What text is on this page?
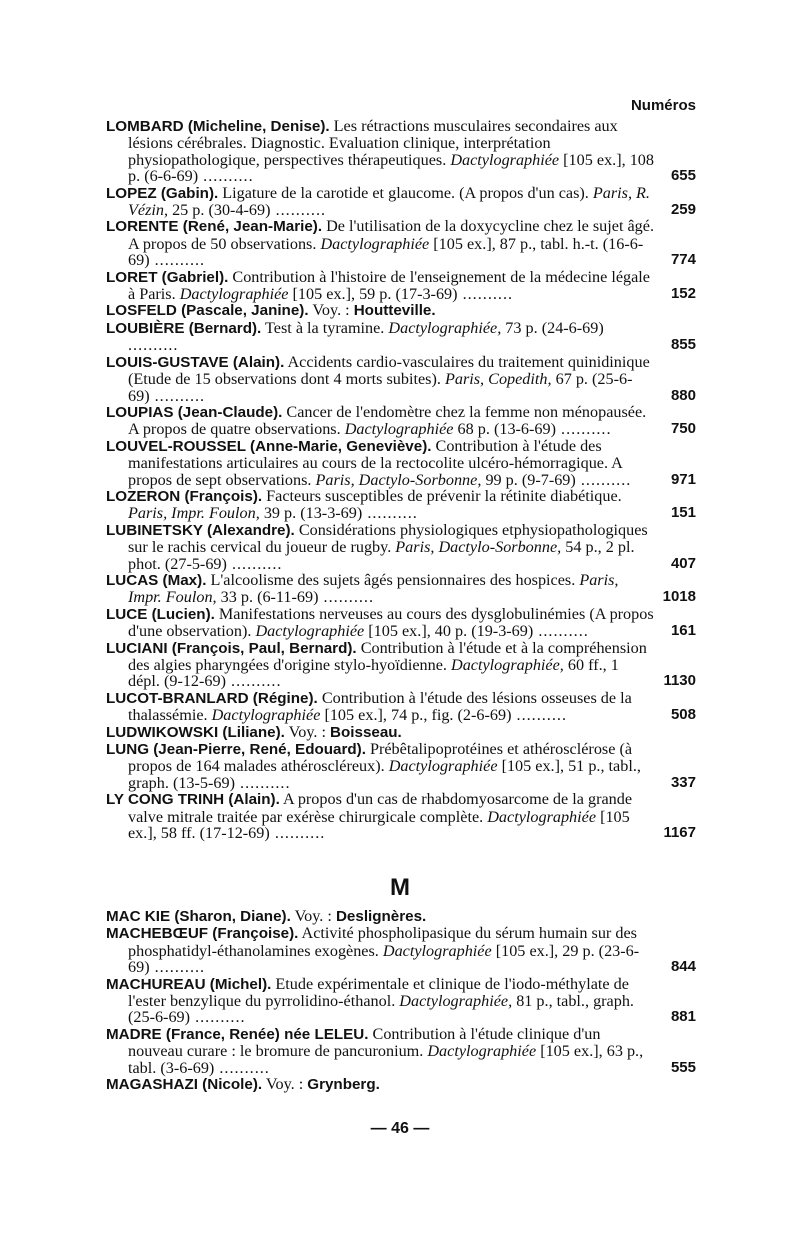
Numéros
LOMBARD (Micheline, Denise). Les rétractions musculaires secondaires aux lésions cérébrales. Diagnostic. Evaluation clinique, interprétation physiopathologique, perspectives thérapeutiques. Dactylographiée [105 ex.], 108 p. (6-6-69) ..........	655
LOPEZ (Gabin). Ligature de la carotide et glaucome. (A propos d'un cas). Paris, R. Vézin, 25 p. (30-4-69) ..........	259
LORENTE (René, Jean-Marie). De l'utilisation de la doxycycline chez le sujet âgé. A propos de 50 observations. Dactylographiée [105 ex.], 87 p., tabl. h.-t. (16-6-69) ..........	774
LORET (Gabriel). Contribution à l'histoire de l'enseignement de la médecine légale à Paris. Dactylographiée [105 ex.], 59 p. (17-3-69) ..........	152
LOSFELD (Pascale, Janine). Voy. : Houtteville.
LOUBIÈRE (Bernard). Test à la tyramine. Dactylographiée, 73 p. (24-6-69) ..........	855
LOUIS-GUSTAVE (Alain). Accidents cardio-vasculaires du traitement quinidinique (Etude de 15 observations dont 4 morts subites). Paris, Copedith, 67 p. (25-6-69) ..........	880
LOUPIAS (Jean-Claude). Cancer de l'endomètre chez la femme non ménopausée. A propos de quatre observations. Dactylographiée 68 p. (13-6-69) ..........	750
LOUVEL-ROUSSEL (Anne-Marie, Geneviève). Contribution à l'étude des manifestations articulaires au cours de la rectocolite ulcéro-hémorragique. A propos de sept observations. Paris, Dactylo-Sorbonne, 99 p. (9-7-69) ..........	971
LOZERON (François). Facteurs susceptibles de prévenir la rétinite diabétique. Paris, Impr. Foulon, 39 p. (13-3-69) ..........	151
LUBINETSKY (Alexandre). Considérations physiologiques etphysiopathologiques sur le rachis cervical du joueur de rugby. Paris, Dactylo-Sorbonne, 54 p., 2 pl. phot. (27-5-69) ..........	407
LUCAS (Max). L'alcoolisme des sujets âgés pensionnaires des hospices. Paris, Impr. Foulon, 33 p. (6-11-69) ..........	1018
LUCE (Lucien). Manifestations nerveuses au cours des dysglobulinémies (A propos d'une observation). Dactylographiée [105 ex.], 40 p. (19-3-69) ..........	161
LUCIANI (François, Paul, Bernard). Contribution à l'étude et à la compréhension des algies pharyngées d'origine stylo-hyoïdienne. Dactylographiée, 60 ff., 1 dépl. (9-12-69) ..........	1130
LUCOT-BRANLARD (Régine). Contribution à l'étude des lésions osseuses de la thalassémie. Dactylographiée [105 ex.], 74 p., fig. (2-6-69) ..........	508
LUDWIKOWSKI (Liliane). Voy. : Boisseau.
LUNG (Jean-Pierre, René, Edouard). Prébêtalipoprotéines et athérosclérose (à propos de 164 malades athéroscléreux). Dactylographiée [105 ex.], 51 p., tabl., graph. (13-5-69) ..........	337
LY CONG TRINH (Alain). A propos d'un cas de rhabdomyosarcome de la grande valve mitrale traitée par exérèse chirurgicale complète. Dactylographiée [105 ex.], 58 ff. (17-12-69) ..........	1167
M
MAC KIE (Sharon, Diane). Voy. : Deslignères.
MACHEBŒUF (Françoise). Activité phospholipasique du sérum humain sur des phosphatidyl-éthanolamines exogènes. Dactylographiée [105 ex.], 29 p. (23-6-69) ..........	844
MACHUREAU (Michel). Etude expérimentale et clinique de l'iodo-méthylate de l'ester benzylique du pyrrolidino-éthanol. Dactylographiée, 81 p., tabl., graph. (25-6-69) ..........	881
MADRE (France, Renée) née LELEU. Contribution à l'étude clinique d'un nouveau curare : le bromure de pancuronium. Dactylographiée [105 ex.], 63 p., tabl. (3-6-69) ..........	555
MAGASHAZI (Nicole). Voy. : Grynberg.
— 46 —
